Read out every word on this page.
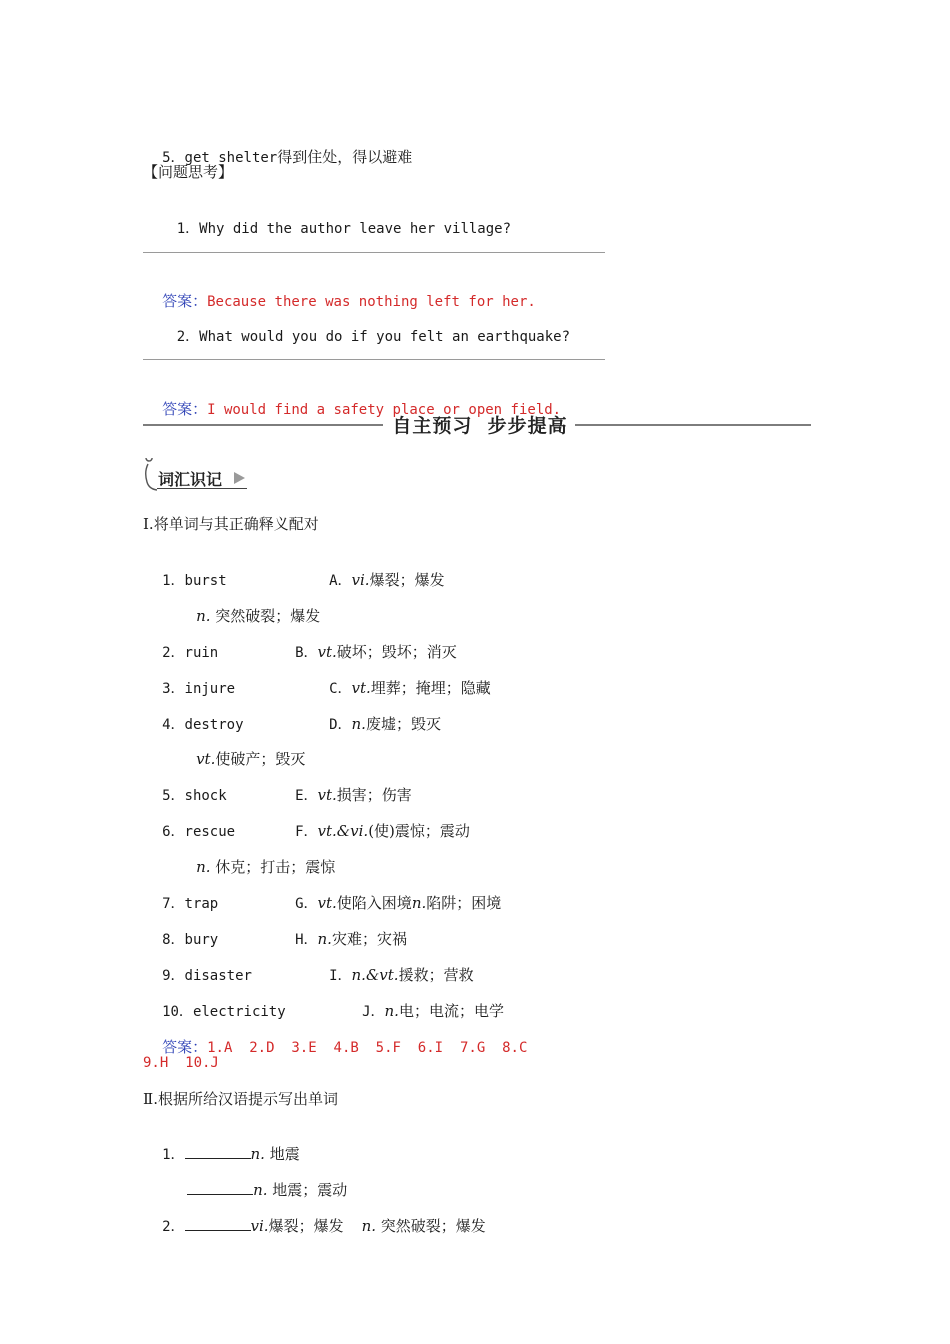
5．get shelter得到住处，得以避难

【问题思考】

1．Why did the author leave her village?

答案：Because there was nothing left for her.

2．What would you do if you felt an earthquake?

答案：I would find a safety place or open field.

自主预习  步步提高
词汇识记
Ⅰ.将单词与其正确释义配对

1．burst
	A．vi.爆裂；爆发

n. 突然破裂；爆发

2．ruin
	B．vt.破坏；毁坏；消灭

3．injure
	C．vt.埋葬；掩埋；隐藏

4．destroy
	D．n.废墟；毁灭

vt.使破产；毁灭

5．shock
	E．vt.损害；伤害

6．rescue
	F．vt.&vi.(使)震惊；震动

n. 休克；打击；震惊

7．trap
	G．vt.使陷入困境n.陷阱；困境

8．bury
	H．n.灾难；灾祸

9．disaster
	I．n.&vt.援救；营救

10．electricity
	J．n.电；电流；电学

答案：1.A  2.D  3.E  4.B  5.F  6.I  7.G  8.C

9.H  10.J
Ⅱ.根据所给汉语提示写出单词

1．	n. 地震

n. 地震；震动

2．	vi.爆裂；爆发 n. 突然破裂；爆发
